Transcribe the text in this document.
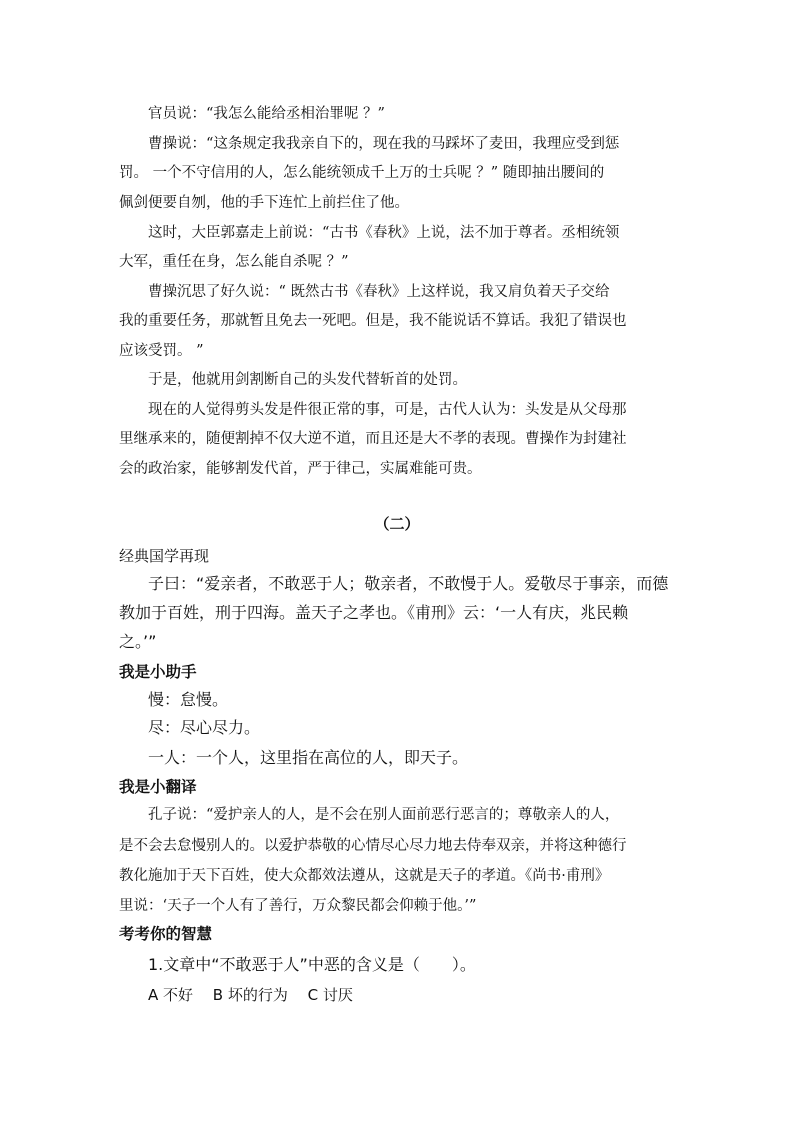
官员说：“我怎么能给丞相治罪呢 ？”
曹操说：“这条规定我我亲自下的，现在我的马踩坏了麦田，我理应受到惩
罚。 一个不守信用的人，怎么能统领成千上万的士兵呢 ？” 随即抽出腰间的
佩剑便要自刎，他的手下连忙上前拦住了他。
这时，大臣郭嘉走上前说：“古书《春秋》上说，法不加于尊者。丞相统领
大军，重任在身，怎么能自杀呢 ？”
曹操沉思了好久说：“ 既然古书《春秋》上这样说，我又肩负着天子交给
我的重要任务，那就暂且免去一死吧。但是，我不能说话不算话。我犯了错误也
应该受罚。 ”
于是，他就用剑割断自己的头发代替斩首的处罚。
现在的人觉得剪头发是件很正常的事，可是，古代人认为：头发是从父母那
里继承来的，随便割掉不仅大逆不道，而且还是大不孝的表现。曹操作为封建社
会的政治家，能够割发代首，严于律己，实属难能可贵。
（二）
经典国学再现
子曰：“爱亲者，不敢恶于人；敬亲者，不敢慢于人。爱敬尽于事亲，而德
教加于百姓，刑于四海。盖天子之孝也。《甫刑》云：‘一人有庆，兆民赖
之。’”
我是小助手
慢：怠慢。
尽：尽心尽力。
一人：一个人，这里指在高位的人，即天子。
我是小翻译
孔子说：“爱护亲人的人，是不会在别人面前恶行恶言的；尊敬亲人的人，
是不会去怠慢别人的。以爱护恭敬的心情尽心尽力地去侍奉双亲，并将这种德行
教化施加于天下百姓，使大众都效法遵从，这就是天子的孝道。《尚书·甫刑》
里说：‘天子一个人有了善行，万众黎民都会仰赖于他。’”
考考你的智慧
1.文章中“不敢恶于人”中恶的含义是（　　）。
A 不好　 B 坏的行为　 C 讨厌
